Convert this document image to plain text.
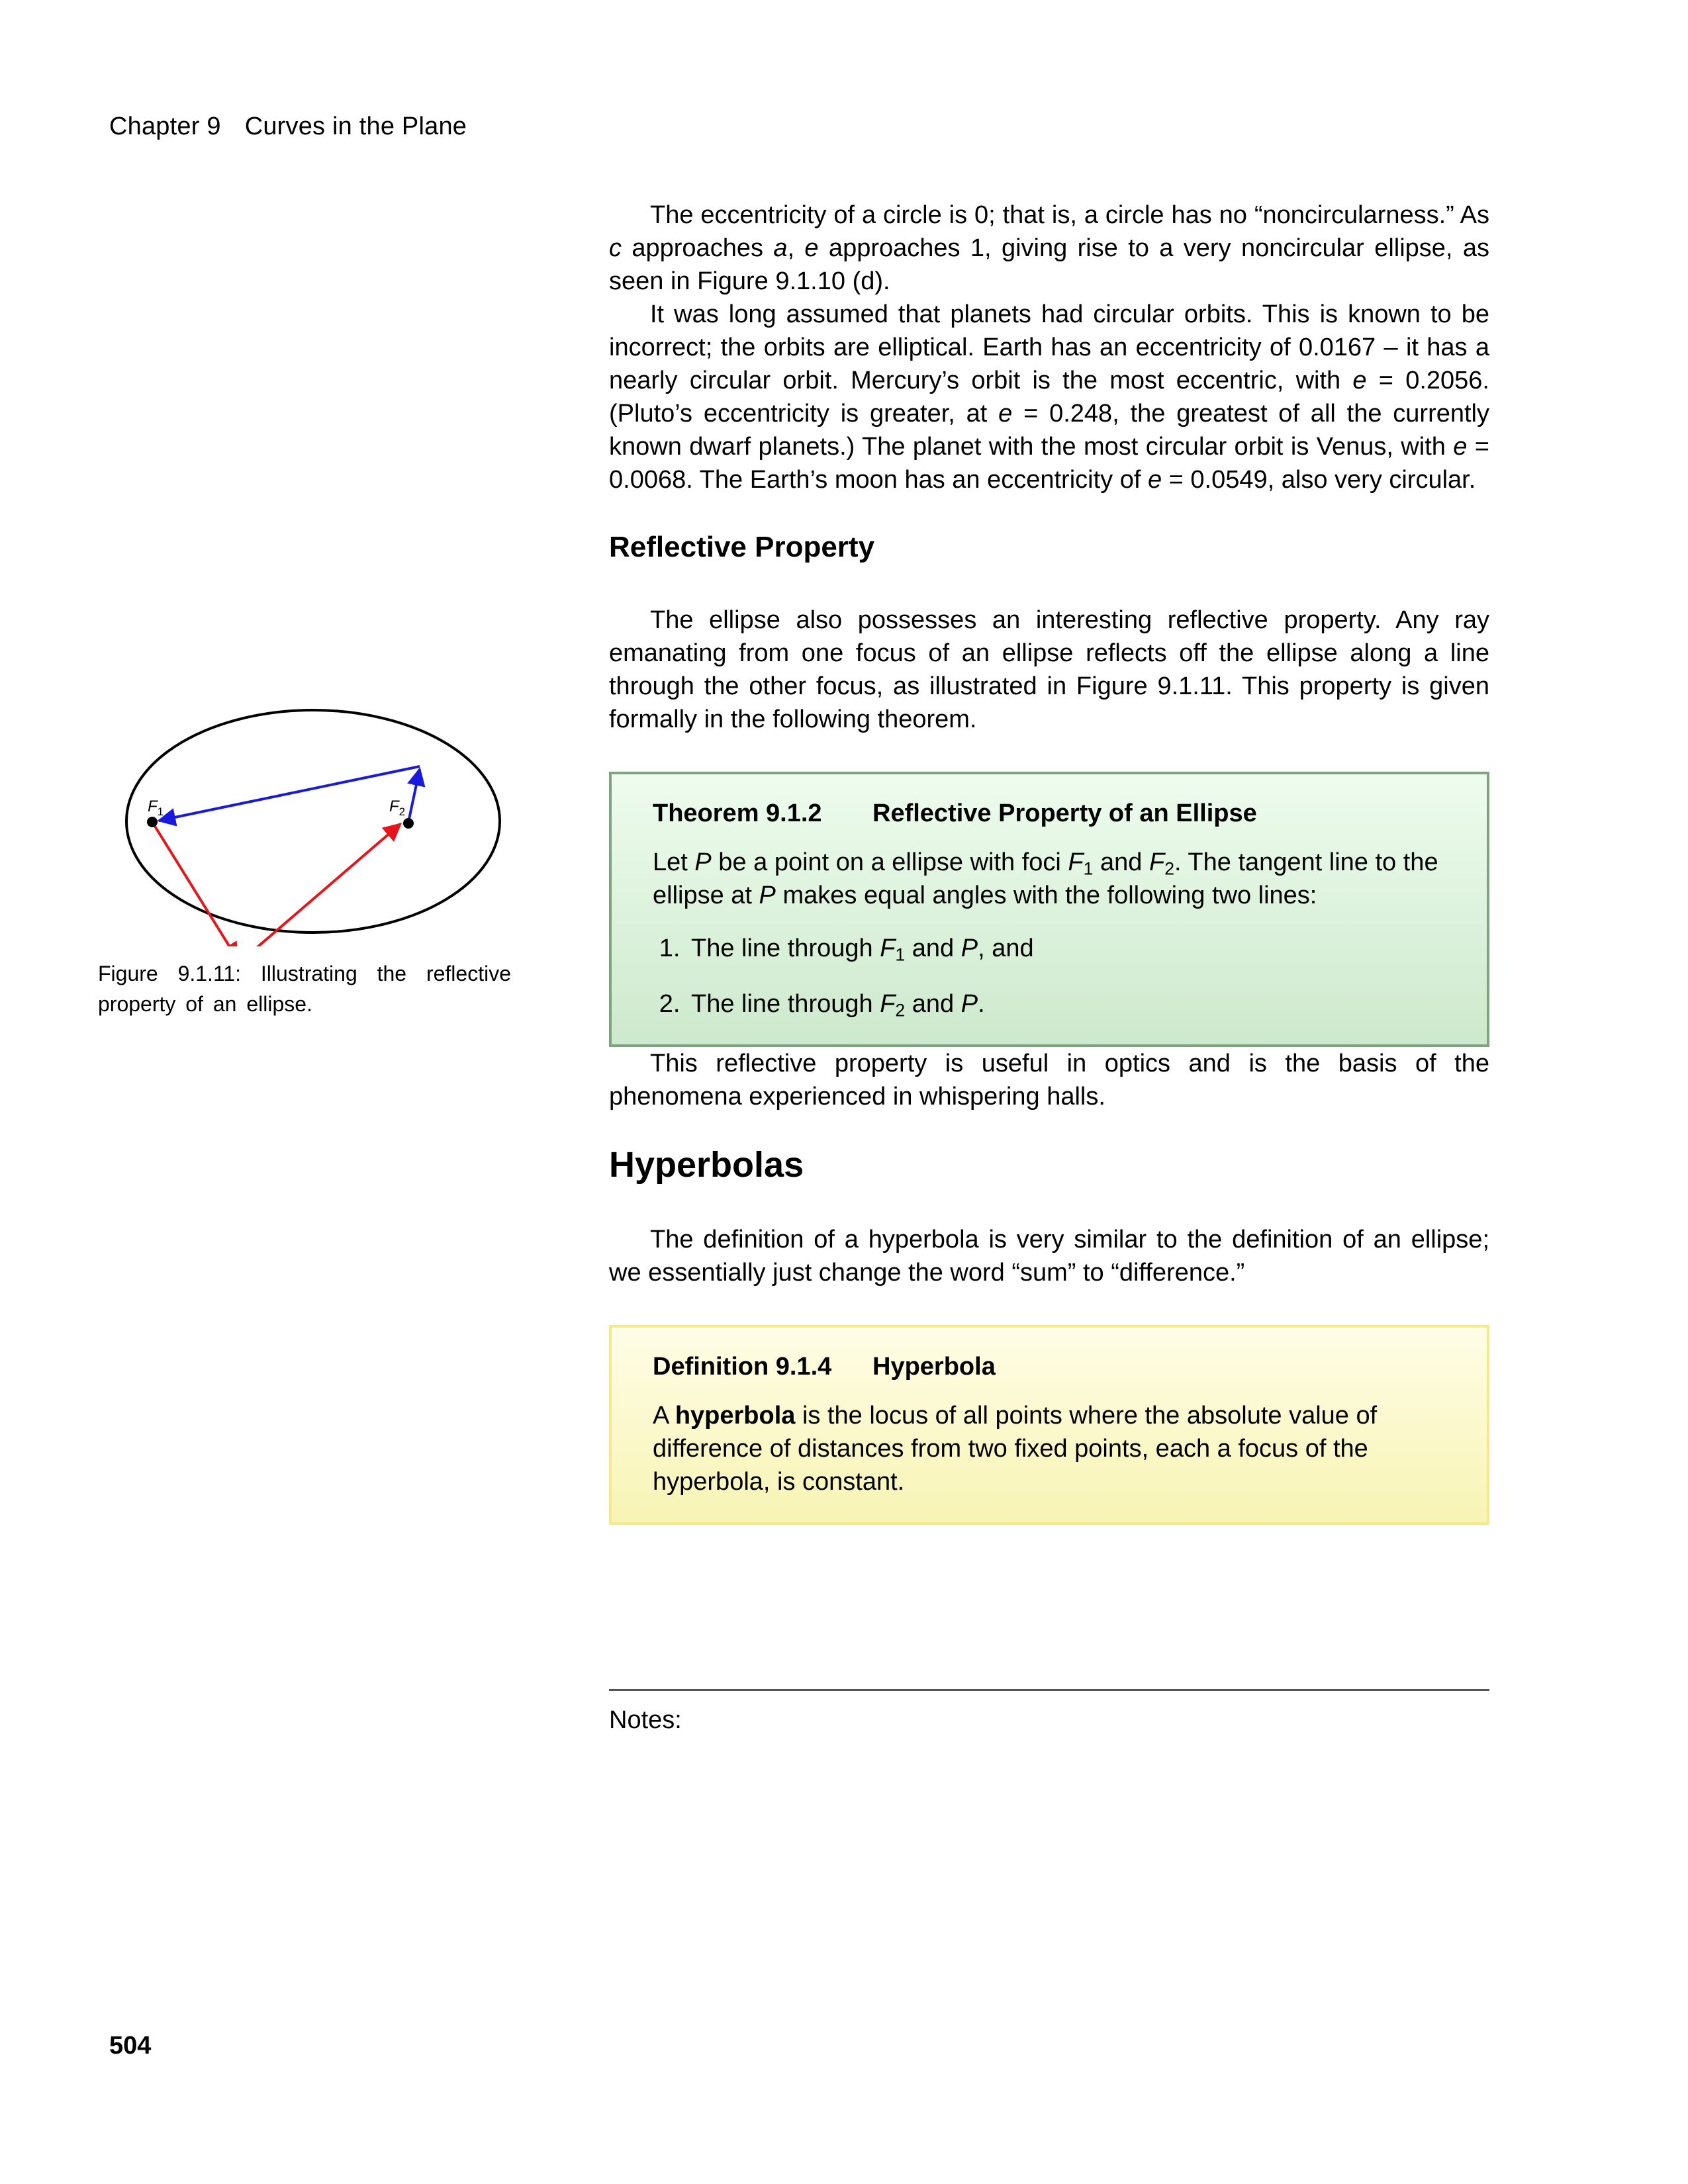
Chapter 9 Curves in the Plane

The eccentricity of a circle is 0; that is, a circle has no “noncircularness.” As c approaches a, e approaches 1, giving rise to a very noncircular ellipse, as seen in Figure 9.1.10 (d).

It was long assumed that planets had circular orbits. This is known to be incorrect; the orbits are elliptical. Earth has an eccentricity of 0.0167 – it has a nearly circular orbit. Mercury’s orbit is the most eccentric, with e = 0.2056. (Pluto’s eccentricity is greater, at e = 0.248, the greatest of all the currently known dwarf planets.) The planet with the most circular orbit is Venus, with e = 0.0068. The Earth’s moon has an eccentricity of e = 0.0549, also very circular.

Reflective Property

The ellipse also possesses an interesting reflective property. Any ray emanating from one focus of an ellipse reflects off the ellipse along a line through the other focus, as illustrated in Figure 9.1.11. This property is given formally in the following theorem.

Theorem 9.1.2 Reflective Property of an Ellipse

Let P be a point on a ellipse with foci $F_1$ and $F_2$. The tangent line to the ellipse at P makes equal angles with the following two lines:

1. The line through $F_1$ and P, and
2. The line through $F_2$ and P.

This reflective property is useful in optics and is the basis of the phenomena experienced in whispering halls.

Hyperbolas

The definition of a hyperbola is very similar to the definition of an ellipse; we essentially just change the word “sum” to “difference.”

Definition 9.1.4 Hyperbola

A hyperbola is the locus of all points where the absolute value of difference of distances from two fixed points, each a focus of the hyperbola, is constant.

$F_1$	$F_2$
Figure 9.1.11: Illustrating the reflective property of an ellipse.
Notes:
504
